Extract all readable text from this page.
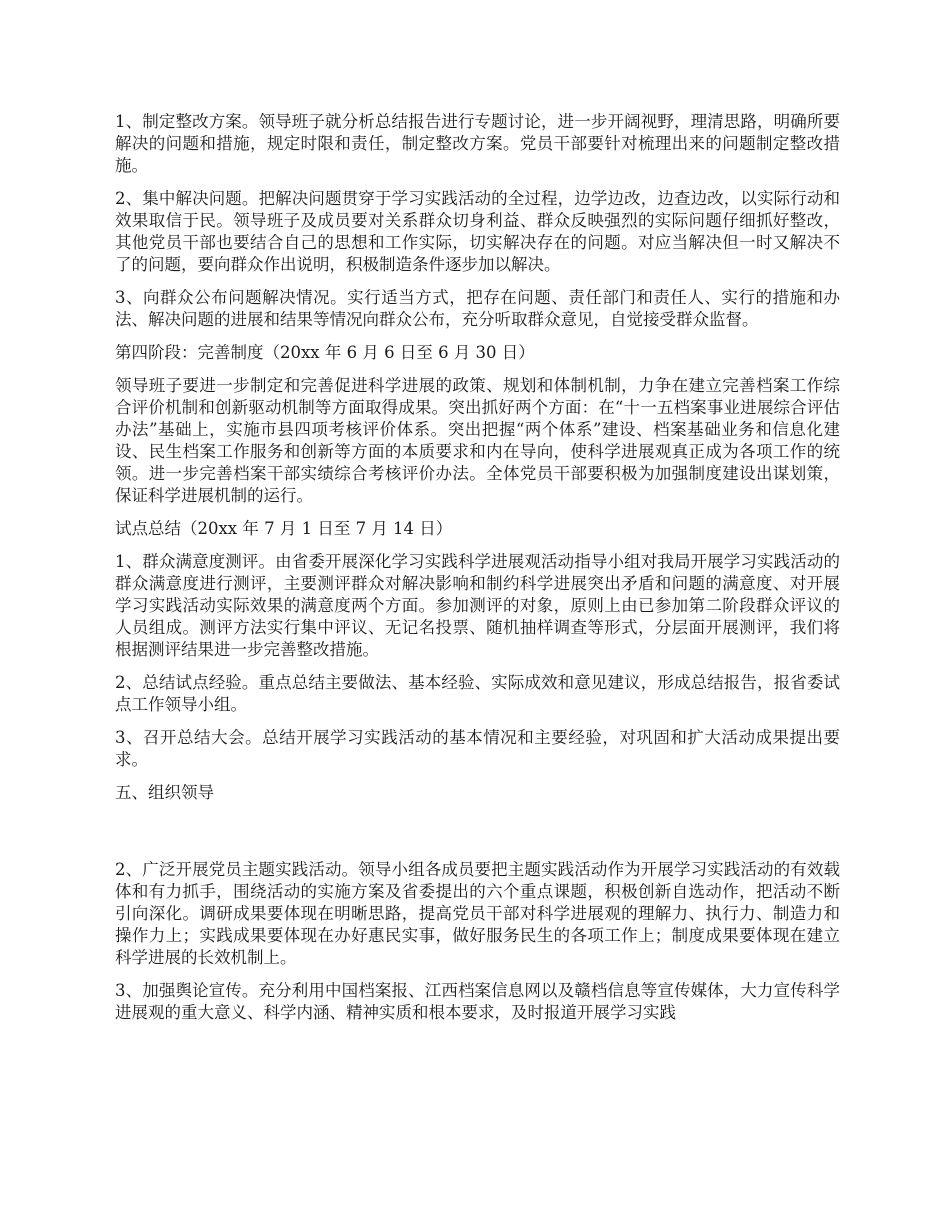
1、制定整改方案。领导班子就分析总结报告进行专题讨论，进一步开阔视野，理清思路，明确所要解决的问题和措施，规定时限和责任，制定整改方案。党员干部要针对梳理出来的问题制定整改措施。

2、集中解决问题。把解决问题贯穿于学习实践活动的全过程，边学边改，边查边改，以实际行动和效果取信于民。领导班子及成员要对关系群众切身利益、群众反映强烈的实际问题仔细抓好整改，其他党员干部也要结合自己的思想和工作实际，切实解决存在的问题。对应当解决但一时又解决不了的问题，要向群众作出说明，积极制造条件逐步加以解决。

3、向群众公布问题解决情况。实行适当方式，把存在问题、责任部门和责任人、实行的措施和办法、解决问题的进展和结果等情况向群众公布，充分听取群众意见，自觉接受群众监督。

第四阶段：完善制度（20xx 年 6 月 6 日至 6 月 30 日）

领导班子要进一步制定和完善促进科学进展的政策、规划和体制机制，力争在建立完善档案工作综合评价机制和创新驱动机制等方面取得成果。突出抓好两个方面：在“十一五档案事业进展综合评估办法”基础上，实施市县四项考核评价体系。突出把握“两个体系”建设、档案基础业务和信息化建设、民生档案工作服务和创新等方面的本质要求和内在导向，使科学进展观真正成为各项工作的统领。进一步完善档案干部实绩综合考核评价办法。全体党员干部要积极为加强制度建设出谋划策，保证科学进展机制的运行。

试点总结（20xx 年 7 月 1 日至 7 月 14 日）

1、群众满意度测评。由省委开展深化学习实践科学进展观活动指导小组对我局开展学习实践活动的群众满意度进行测评，主要测评群众对解决影响和制约科学进展突出矛盾和问题的满意度、对开展学习实践活动实际效果的满意度两个方面。参加测评的对象，原则上由已参加第二阶段群众评议的人员组成。测评方法实行集中评议、无记名投票、随机抽样调查等形式，分层面开展测评，我们将根据测评结果进一步完善整改措施。

2、总结试点经验。重点总结主要做法、基本经验、实际成效和意见建议，形成总结报告，报省委试点工作领导小组。

3、召开总结大会。总结开展学习实践活动的基本情况和主要经验，对巩固和扩大活动成果提出要求。

五、组织领导

2、广泛开展党员主题实践活动。领导小组各成员要把主题实践活动作为开展学习实践活动的有效载体和有力抓手，围绕活动的实施方案及省委提出的六个重点课题，积极创新自选动作，把活动不断引向深化。调研成果要体现在明晰思路，提高党员干部对科学进展观的理解力、执行力、制造力和操作力上；实践成果要体现在办好惠民实事，做好服务民生的各项工作上；制度成果要体现在建立科学进展的长效机制上。

3、加强舆论宣传。充分利用中国档案报、江西档案信息网以及赣档信息等宣传媒体，大力宣传科学进展观的重大意义、科学内涵、精神实质和根本要求，及时报道开展学习实践
